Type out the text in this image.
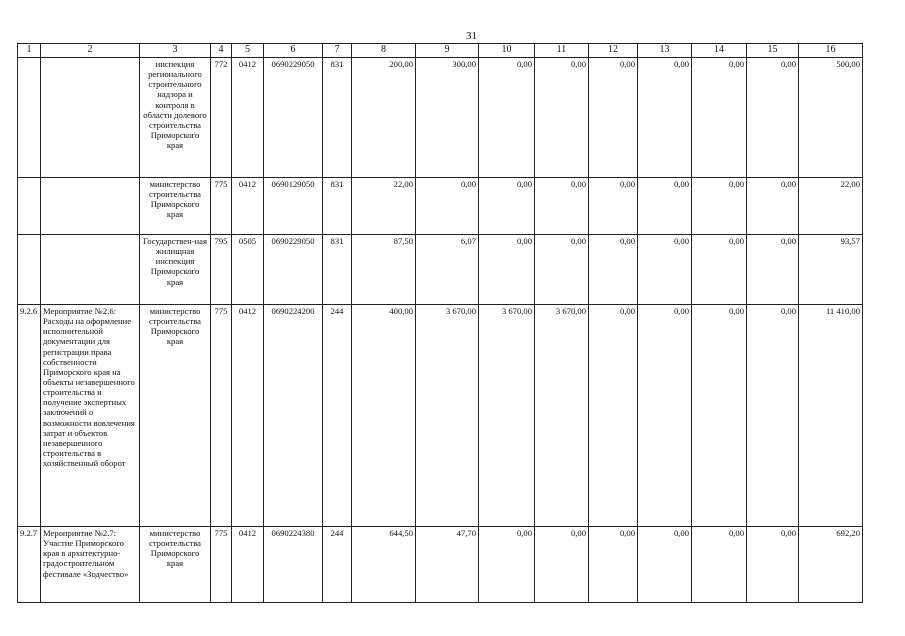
31
1	2	3	4	5	6	7	8	9	10	11	12	13	14	15	16
		инспекция регионального строительного надзора и контроля в области долевого строительства Приморского края	772	0412	0690229050	831	200,00	300,00	0,00	0,00	0,00	0,00	0,00	0,00	500,00
		министерство строительства Приморского края	775	0412	0690129050	831	22,00	0,00	0,00	0,00	0,00	0,00	0,00	0,00	22,00
		Государствен-ная жилищная инспекция Приморского края	795	0505	0690229050	831	87,50	6,07	0,00	0,00	0,00	0,00	0,00	0,00	93,57
9.2.6	Мероприятие №2.6: Расходы на оформление исполнительной документации для регистрации права собственности Приморского края на объекты незавершенного строительства и получение экспертных заключений о возможности вовлечения затрат и объектов незавершенного строительства в хозяйственный оборот	министерство строительства Приморского края	775	0412	0690224200	244	400,00	3 670,00	3 670,00	3 670,00	0,00	0,00	0,00	0,00	11 410,00
9.2.7	Мероприятие №2.7: Участие Приморского края в архитектурно-градостроительном фестивале «Зодчество»	министерство строительства Приморского края	775	0412	0690224380	244	644,50	47,70	0,00	0,00	0,00	0,00	0,00	0,00	692,20
